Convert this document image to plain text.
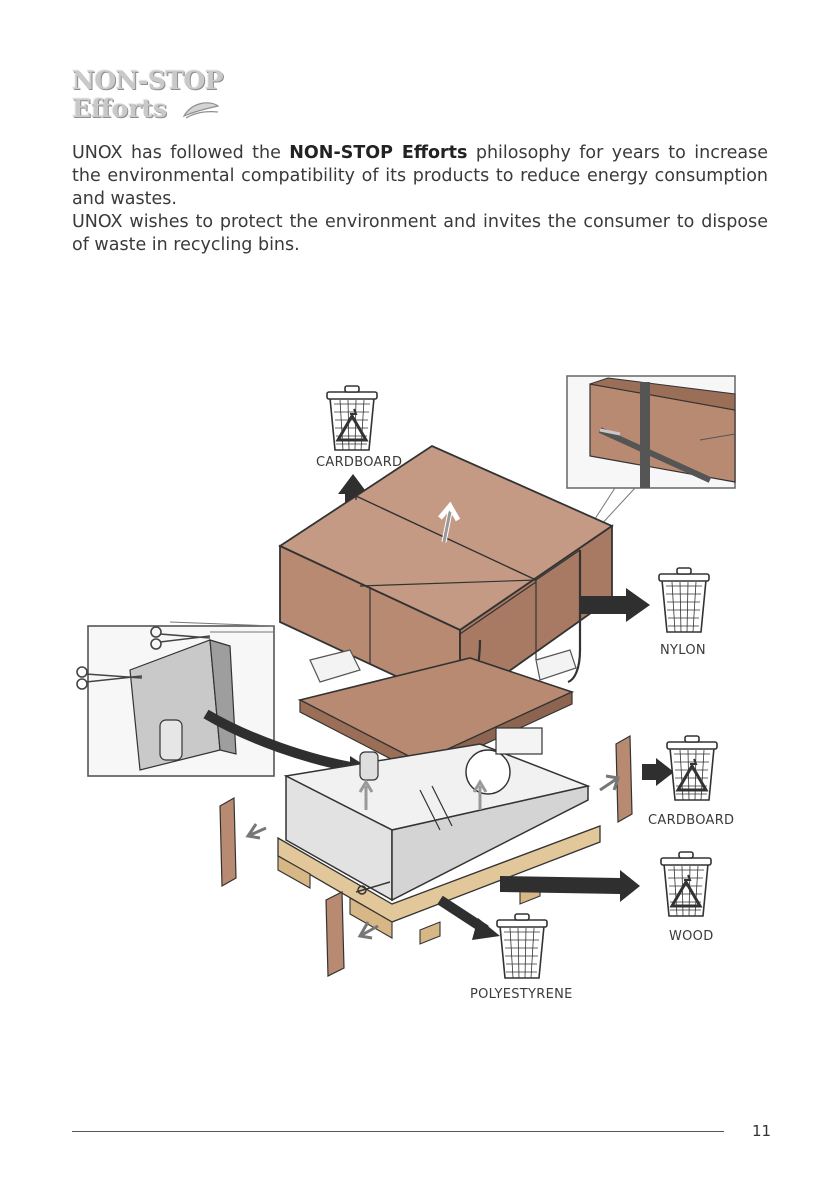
NON-STOP
Efforts

UNOX has followed the NON-STOP Efforts philosophy for years to increase the environmental compatibility of its products to reduce energy consumption and wastes.

UNOX wishes to protect the environment and invites the consumer to dispose of waste in recycling bins.

CARDBOARD
NYLON
CARDBOARD
WOOD
POLYESTYRENE
11
